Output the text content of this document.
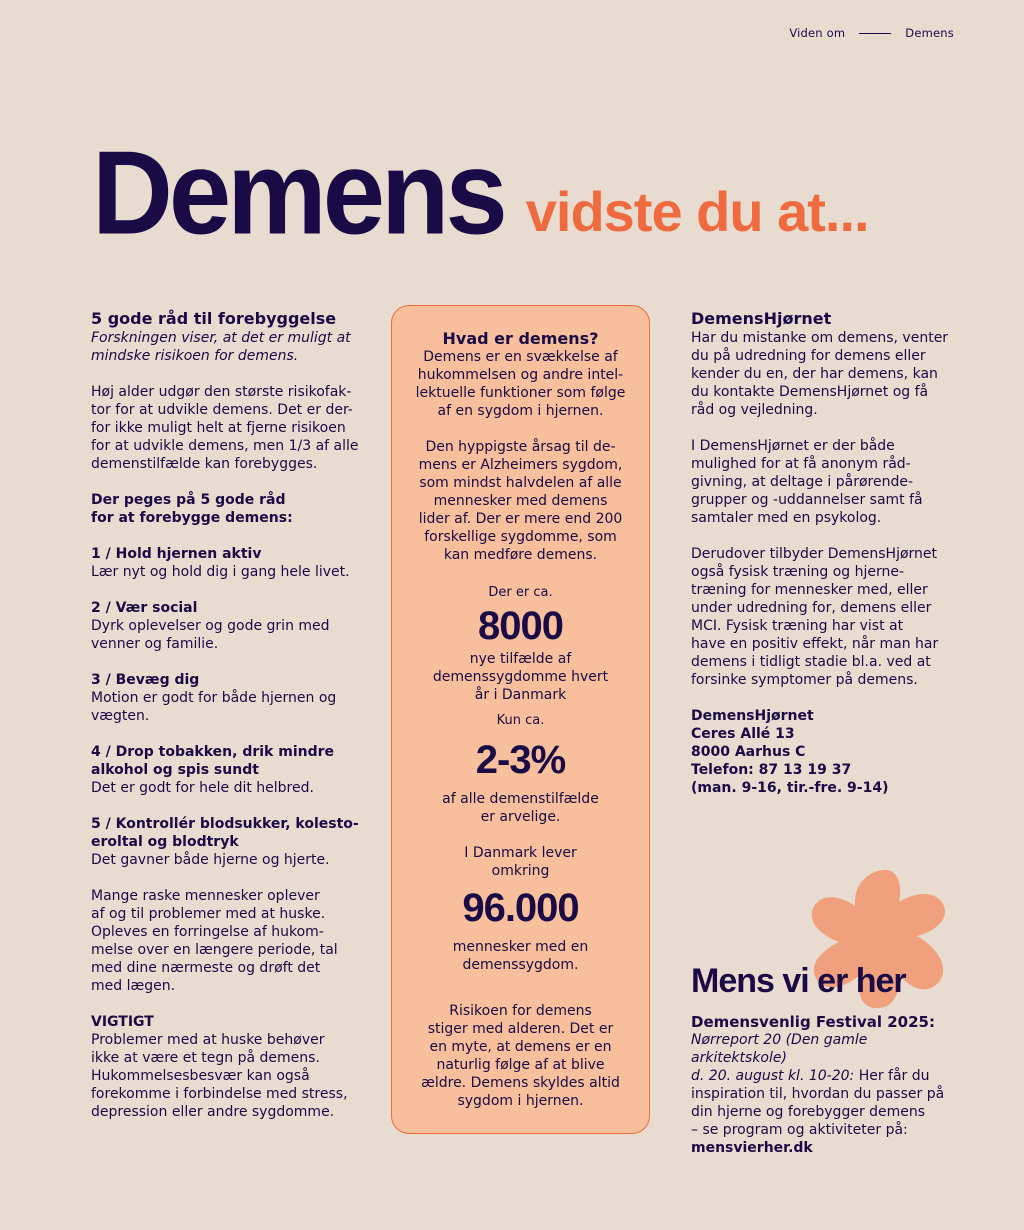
Viden om	Demens
Demens vidste du at...

5 gode råd til forebyggelse

Forskningen viser, at det er muligt at
mindske risikoen for demens.

Høj alder udgør den største risikofak-
tor for at udvikle demens. Det er der-
for ikke muligt helt at fjerne risikoen
for at udvikle demens, men 1/3 af alle
demenstilfælde kan forebygges.

Der peges på 5 gode råd
for at forebygge demens:

1 / Hold hjernen aktiv

Lær nyt og hold dig i gang hele livet.

2 / Vær social

Dyrk oplevelser og gode grin med
venner og familie.

3 / Bevæg dig

Motion er godt for både hjernen og
vægten.

4 / Drop tobakken, drik mindre
alkohol og spis sundt

Det er godt for hele dit helbred.

5 / Kontrollér blodsukker, kolesto-
eroltal og blodtryk

Det gavner både hjerne og hjerte.

Mange raske mennesker oplever
af og til problemer med at huske.
Opleves en forringelse af hukom-
melse over en længere periode, tal
med dine nærmeste og drøft det
med lægen.

VIGTIGT

Problemer med at huske behøver
ikke at være et tegn på demens.
Hukommelsesbesvær kan også
forekomme i forbindelse med stress,
depression eller andre sygdomme.

Hvad er demens?

Demens er en svækkelse af
hukommelsen og andre intel-
lektuelle funktioner som følge
af en sygdom i hjernen.

Den hyppigste årsag til de-
mens er Alzheimers sygdom,
som mindst halvdelen af alle
mennesker med demens
lider af. Der er mere end 200
forskellige sygdomme, som
kan medføre demens.

Der er ca.

8000

nye tilfælde af
demenssygdomme hvert
år i Danmark

Kun ca.

2-3%

af alle demenstilfælde
er arvelige.

I Danmark lever
omkring

96.000

mennesker med en
demenssygdom.

Risikoen for demens
stiger med alderen. Det er
en myte, at demens er en
naturlig følge af at blive
ældre. Demens skyldes altid
sygdom i hjernen.

DemensHjørnet

Har du mistanke om demens, venter
du på udredning for demens eller
kender du en, der har demens, kan
du kontakte DemensHjørnet og få
råd og vejledning.

I DemensHjørnet er der både
mulighed for at få anonym råd-
givning, at deltage i pårørende-
grupper og -uddannelser samt få
samtaler med en psykolog.

Derudover tilbyder DemensHjørnet
også fysisk træning og hjerne-
træning for mennesker med, eller
under udredning for, demens eller
MCI. Fysisk træning har vist at
have en positiv effekt, når man har
demens i tidligt stadie bl.a. ved at
forsinke symptomer på demens.

DemensHjørnet
Ceres Allé 13
8000 Aarhus C
Telefon: 87 13 19 37
(man. 9-16, tir.-fre. 9-14)

Mens vi er her

Demensvenlig Festival 2025:

Nørreport 20 (Den gamle arkitektskole)
d. 20. august kl. 10-20: Her får du
inspiration til, hvordan du passer på
din hjerne og forebygger demens
– se program og aktiviteter på:

mensvierher.dk
